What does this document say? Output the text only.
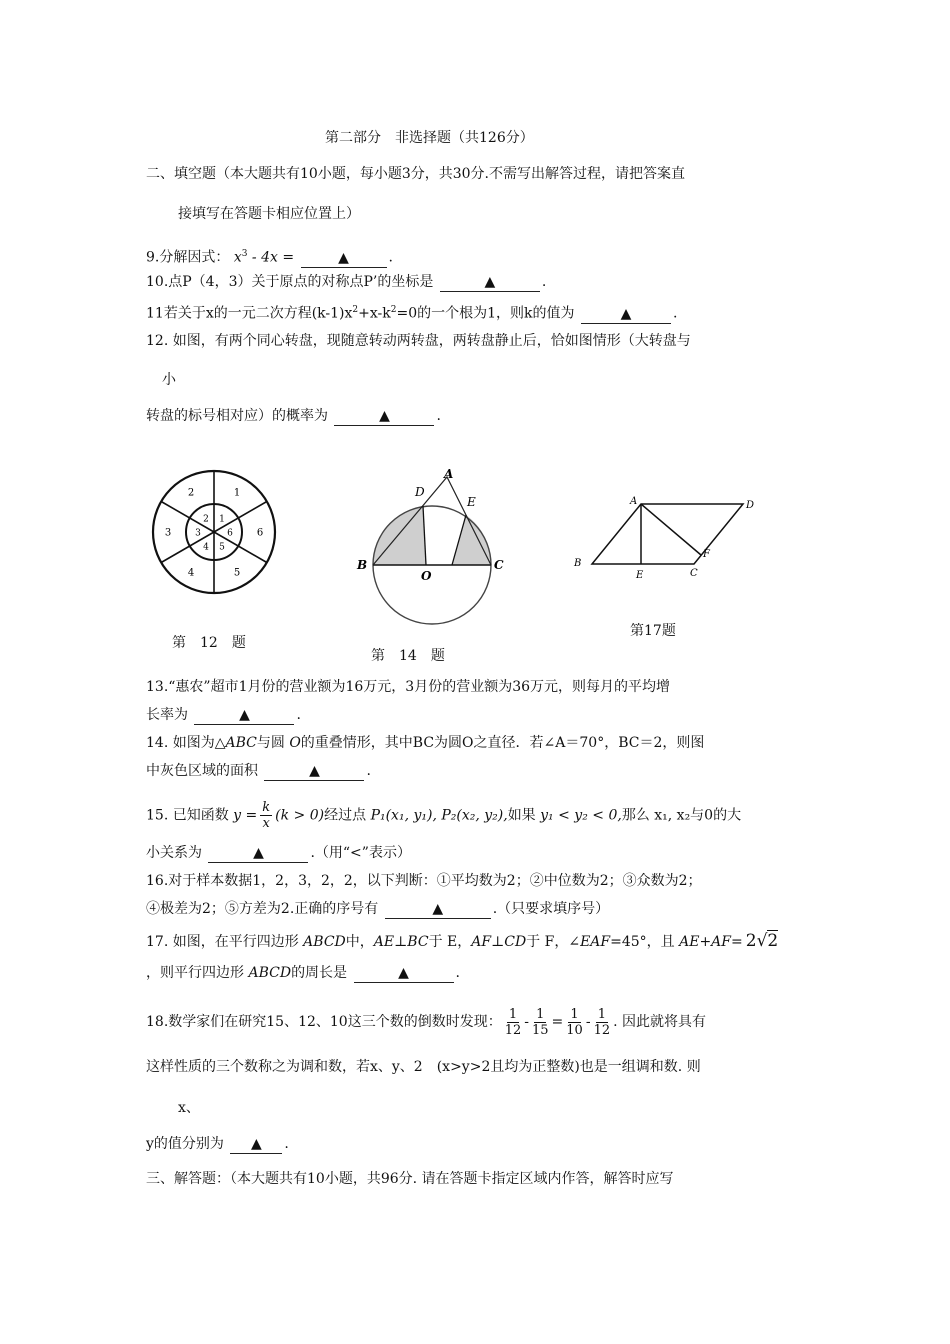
第二部分　非选择题（共126分）
二、填空题（本大题共有10小题，每小题3分，共30分.不需写出解答过程，请把答案直
接填写在答题卡相应位置上）
9.分解因式： $x^3 - 4x$ =	▲	.
10.点P（4，3）关于原点的对称点P’的坐标是	▲	.
11若关于x的一元二次方程$(k-1)x^2+x-k^2=0$的一个根为1，则k的值为	▲	.
12. 如图，有两个同心转盘，现随意转动两转盘，两转盘静止后，恰如图情形（大转盘与
小
转盘的标号相对应）的概率为	▲	.
1
6
5
4
3
2
1
6
5
4
3
2
第　12　题
A
D
E
B
O
C
第　14　题
A	D
B
E	C
F
第17题
13.“惠农”超市1月份的营业额为16万元，3月份的营业额为36万元，则每月的平均增
长率为	▲	.
14. 如图为△ABC与圆 O的重叠情形，其中BC为圆O之直径．若∠A＝70°，BC＝2，则图
中灰色区域的面积	▲	.
15. 已知函数 $y = \frac{k}{x} (k > 0)$经过点 P₁(x₁, y₁), P₂(x₂, y₂),如果 y₁ < y₂ < 0,那么 x₁, x₂与0的大
小关系为	▲	.（用“<”表示）
16.对于样本数据1，2，3，2，2，以下判断：①平均数为2；②中位数为2；③众数为2；
④极差为2；⑤方差为2.正确的序号有	▲	.（只要求填序号）
17. 如图，在平行四边形 ABCD中，AE⊥BC于 E，AF⊥CD于 F，∠EAF=45°，且 AE+AF= 2√2
，则平行四边形 ABCD的周长是	▲	.
18.数学家们在研究15、12、10这三个数的倒数时发现： $\frac{1}{12} - \frac{1}{15} = \frac{1}{10} - \frac{1}{12}$ . 因此就将具有
这样性质的三个数称之为调和数，若x、y、2　(x>y>2且均为正整数)也是一组调和数. 则
x、
y的值分别为 ▲ .
三、解答题：（本大题共有10小题，共96分. 请在答题卡指定区域内作答，解答时应写
